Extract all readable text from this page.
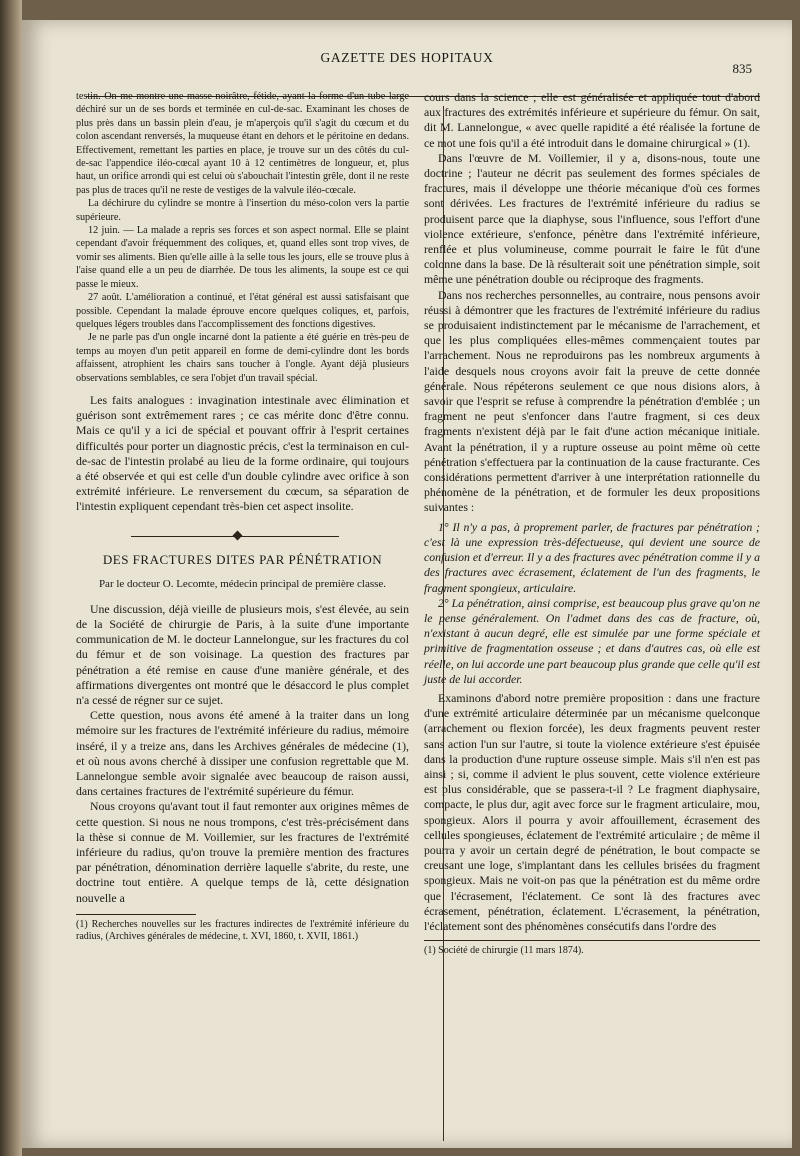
GAZETTE DES HOPITAUX
835

testin. On me montre une masse noirâtre, fétide, ayant la forme d'un tube large déchiré sur un de ses bords et terminée en cul-de-sac. Examinant les choses de plus près dans un bassin plein d'eau, je m'aperçois qu'il s'agit du cœcum et du colon ascendant renversés, la muqueuse étant en dehors et le péritoine en dedans. Effectivement, remettant les parties en place, je trouve sur un des côtés du cul-de-sac l'appendice iléo-cœcal ayant 10 à 12 centimètres de longueur, et, plus haut, un orifice arrondi qui est celui où s'abouchait l'intestin grêle, dont il ne reste pas plus de traces qu'il ne reste de vestiges de la valvule iléo-cœcale.

La déchirure du cylindre se montre à l'insertion du méso-colon vers la partie supérieure.

12 juin. — La malade a repris ses forces et son aspect normal. Elle se plaint cependant d'avoir fréquemment des coliques, et, quand elles sont trop vives, de vomir ses aliments. Bien qu'elle aille à la selle tous les jours, elle se trouve plus à l'aise quand elle a un peu de diarrhée. De tous les aliments, la soupe est ce qui passe le mieux.

27 août. L'amélioration a continué, et l'état général est aussi satisfaisant que possible. Cependant la malade éprouve encore quelques coliques, et, parfois, quelques légers troubles dans l'accomplissement des fonctions digestives.

Je ne parle pas d'un ongle incarné dont la patiente a été guérie en très-peu de temps au moyen d'un petit appareil en forme de demi-cylindre dont les bords affaissent, atrophient les chairs sans toucher à l'ongle. Ayant déjà plusieurs observations semblables, ce sera l'objet d'un travail spécial.

Les faits analogues : invagination intestinale avec élimination et guérison sont extrêmement rares ; ce cas mérite donc d'être connu. Mais ce qu'il y a ici de spécial et pouvant offrir à l'esprit certaines difficultés pour porter un diagnostic précis, c'est la terminaison en cul-de-sac de l'intestin prolabé au lieu de la forme ordinaire, qui toujours a été observée et qui est celle d'un double cylindre avec orifice à son extrémité inférieure. Le renversement du cœcum, sa séparation de l'intestin expliquent cependant très-bien cet aspect insolite.

DES FRACTURES DITES PAR PÉNÉTRATION
Par le docteur O. Lecomte, médecin principal de première classe.

Une discussion, déjà vieille de plusieurs mois, s'est élevée, au sein de la Société de chirurgie de Paris, à la suite d'une importante communication de M. le docteur Lannelongue, sur les fractures du col du fémur et de son voisinage. La question des fractures par pénétration a été remise en cause d'une manière générale, et des affirmations divergentes ont montré que le désaccord le plus complet n'a cessé de régner sur ce sujet.

Cette question, nous avons été amené à la traiter dans un long mémoire sur les fractures de l'extrémité inférieure du radius, mémoire inséré, il y a treize ans, dans les Archives générales de médecine (1), et où nous avons cherché à dissiper une confusion regrettable que M. Lannelongue semble avoir signalée avec beaucoup de raison aussi, dans certaines fractures de l'extrémité supérieure du fémur.

Nous croyons qu'avant tout il faut remonter aux origines mêmes de cette question. Si nous ne nous trompons, c'est très-précisément dans la thèse si connue de M. Voillemier, sur les fractures de l'extrémité inférieure du radius, qu'on trouve la première mention des fractures par pénétration, dénomination derrière laquelle s'abrite, du reste, une doctrine tout entière. A quelque temps de là, cette désignation nouvelle a

(1) Recherches nouvelles sur les fractures indirectes de l'extrémité inférieure du radius, (Archives générales de médecine, t. XVI, 1860, t. XVII, 1861.)

cours dans la science ; elle est généralisée et appliquée tout d'abord aux fractures des extrémités inférieure et supérieure du fémur. On sait, dit M. Lannelongue, « avec quelle rapidité a été réalisée la fortune de ce mot une fois qu'il a été introduit dans le domaine chirurgical » (1).

Dans l'œuvre de M. Voillemier, il y a, disons-nous, toute une doctrine ; l'auteur ne décrit pas seulement des formes spéciales de fractures, mais il développe une théorie mécanique d'où ces formes sont dérivées. Les fractures de l'extrémité inférieure du radius se produisent parce que la diaphyse, sous l'influence, sous l'effort d'une violence extérieure, s'enfonce, pénètre dans l'extrémité inférieure, renflée et plus volumineuse, comme pourrait le faire le fût d'une colonne dans la base. De là résulterait soit une pénétration simple, soit même une pénétration double ou réciproque des fragments.

Dans nos recherches personnelles, au contraire, nous pensons avoir réussi à démontrer que les fractures de l'extrémité inférieure du radius se produisaient indistinctement par le mécanisme de l'arrachement, et que les plus compliquées elles-mêmes commençaient toutes par l'arrachement. Nous ne reproduirons pas les nombreux arguments à l'aide desquels nous croyons avoir fait la preuve de cette donnée générale. Nous répéterons seulement ce que nous disions alors, à savoir que l'esprit se refuse à comprendre la pénétration d'emblée ; un fragment ne peut s'enfoncer dans l'autre fragment, si ces deux fragments n'existent déjà par le fait d'une action mécanique initiale. Avant la pénétration, il y a rupture osseuse au point même où cette pénétration s'effectuera par la continuation de la cause fracturante. Ces considérations permettent d'arriver à une interprétation rationnelle du phénomène de la pénétration, et de formuler les deux propositions suivantes :

1° Il n'y a pas, à proprement parler, de fractures par pénétration ; c'est là une expression très-défectueuse, qui devient une source de confusion et d'erreur. Il y a des fractures avec pénétration comme il y a des fractures avec écrasement, éclatement de l'un des fragments, le fragment spongieux, articulaire.

2° La pénétration, ainsi comprise, est beaucoup plus grave qu'on ne le pense généralement. On l'admet dans des cas de fracture, où, n'existant à aucun degré, elle est simulée par une forme spéciale et primitive de fragmentation osseuse ; et dans d'autres cas, où elle est réelle, on lui accorde une part beaucoup plus grande que celle qu'il est juste de lui accorder.

Examinons d'abord notre première proposition : dans une fracture d'une extrémité articulaire déterminée par un mécanisme quelconque (arrachement ou flexion forcée), les deux fragments peuvent rester sans action l'un sur l'autre, si toute la violence extérieure s'est épuisée dans la production d'une rupture osseuse simple. Mais s'il n'en est pas ainsi ; si, comme il advient le plus souvent, cette violence extérieure est plus considérable, que se passera-t-il ? Le fragment diaphysaire, compacte, le plus dur, agit avec force sur le fragment articulaire, mou, spongieux. Alors il pourra y avoir affouillement, écrasement des cellules spongieuses, éclatement de l'extrémité articulaire ; de même il pourra y avoir un certain degré de pénétration, le bout compacte se creusant une loge, s'implantant dans les cellules brisées du fragment spongieux. Mais ne voit-on pas que la pénétration est du même ordre que l'écrasement, l'éclatement. Ce sont là des fractures avec écrasement, pénétration, éclatement. L'écrasement, la pénétration, l'éclatement sont des phénomènes consécutifs dans l'ordre des

(1) Société de chirurgie (11 mars 1874).
